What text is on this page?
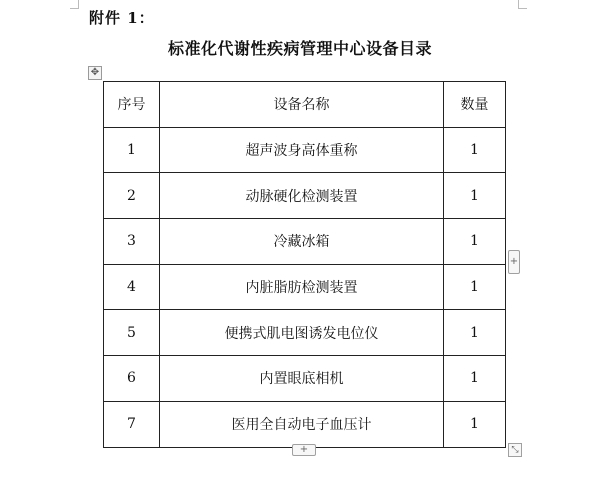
附件 1：
标准化代谢性疾病管理中心设备目录
✥
序号	设备名称	数量
1	超声波身高体重称	1
2	动脉硬化检测装置	1
3	冷藏冰箱	1
4	内脏脂肪检测装置	1
5	便携式肌电图诱发电位仪	1
6	内置眼底相机	1
7	医用全自动电子血压计	1
+
+	⤡
